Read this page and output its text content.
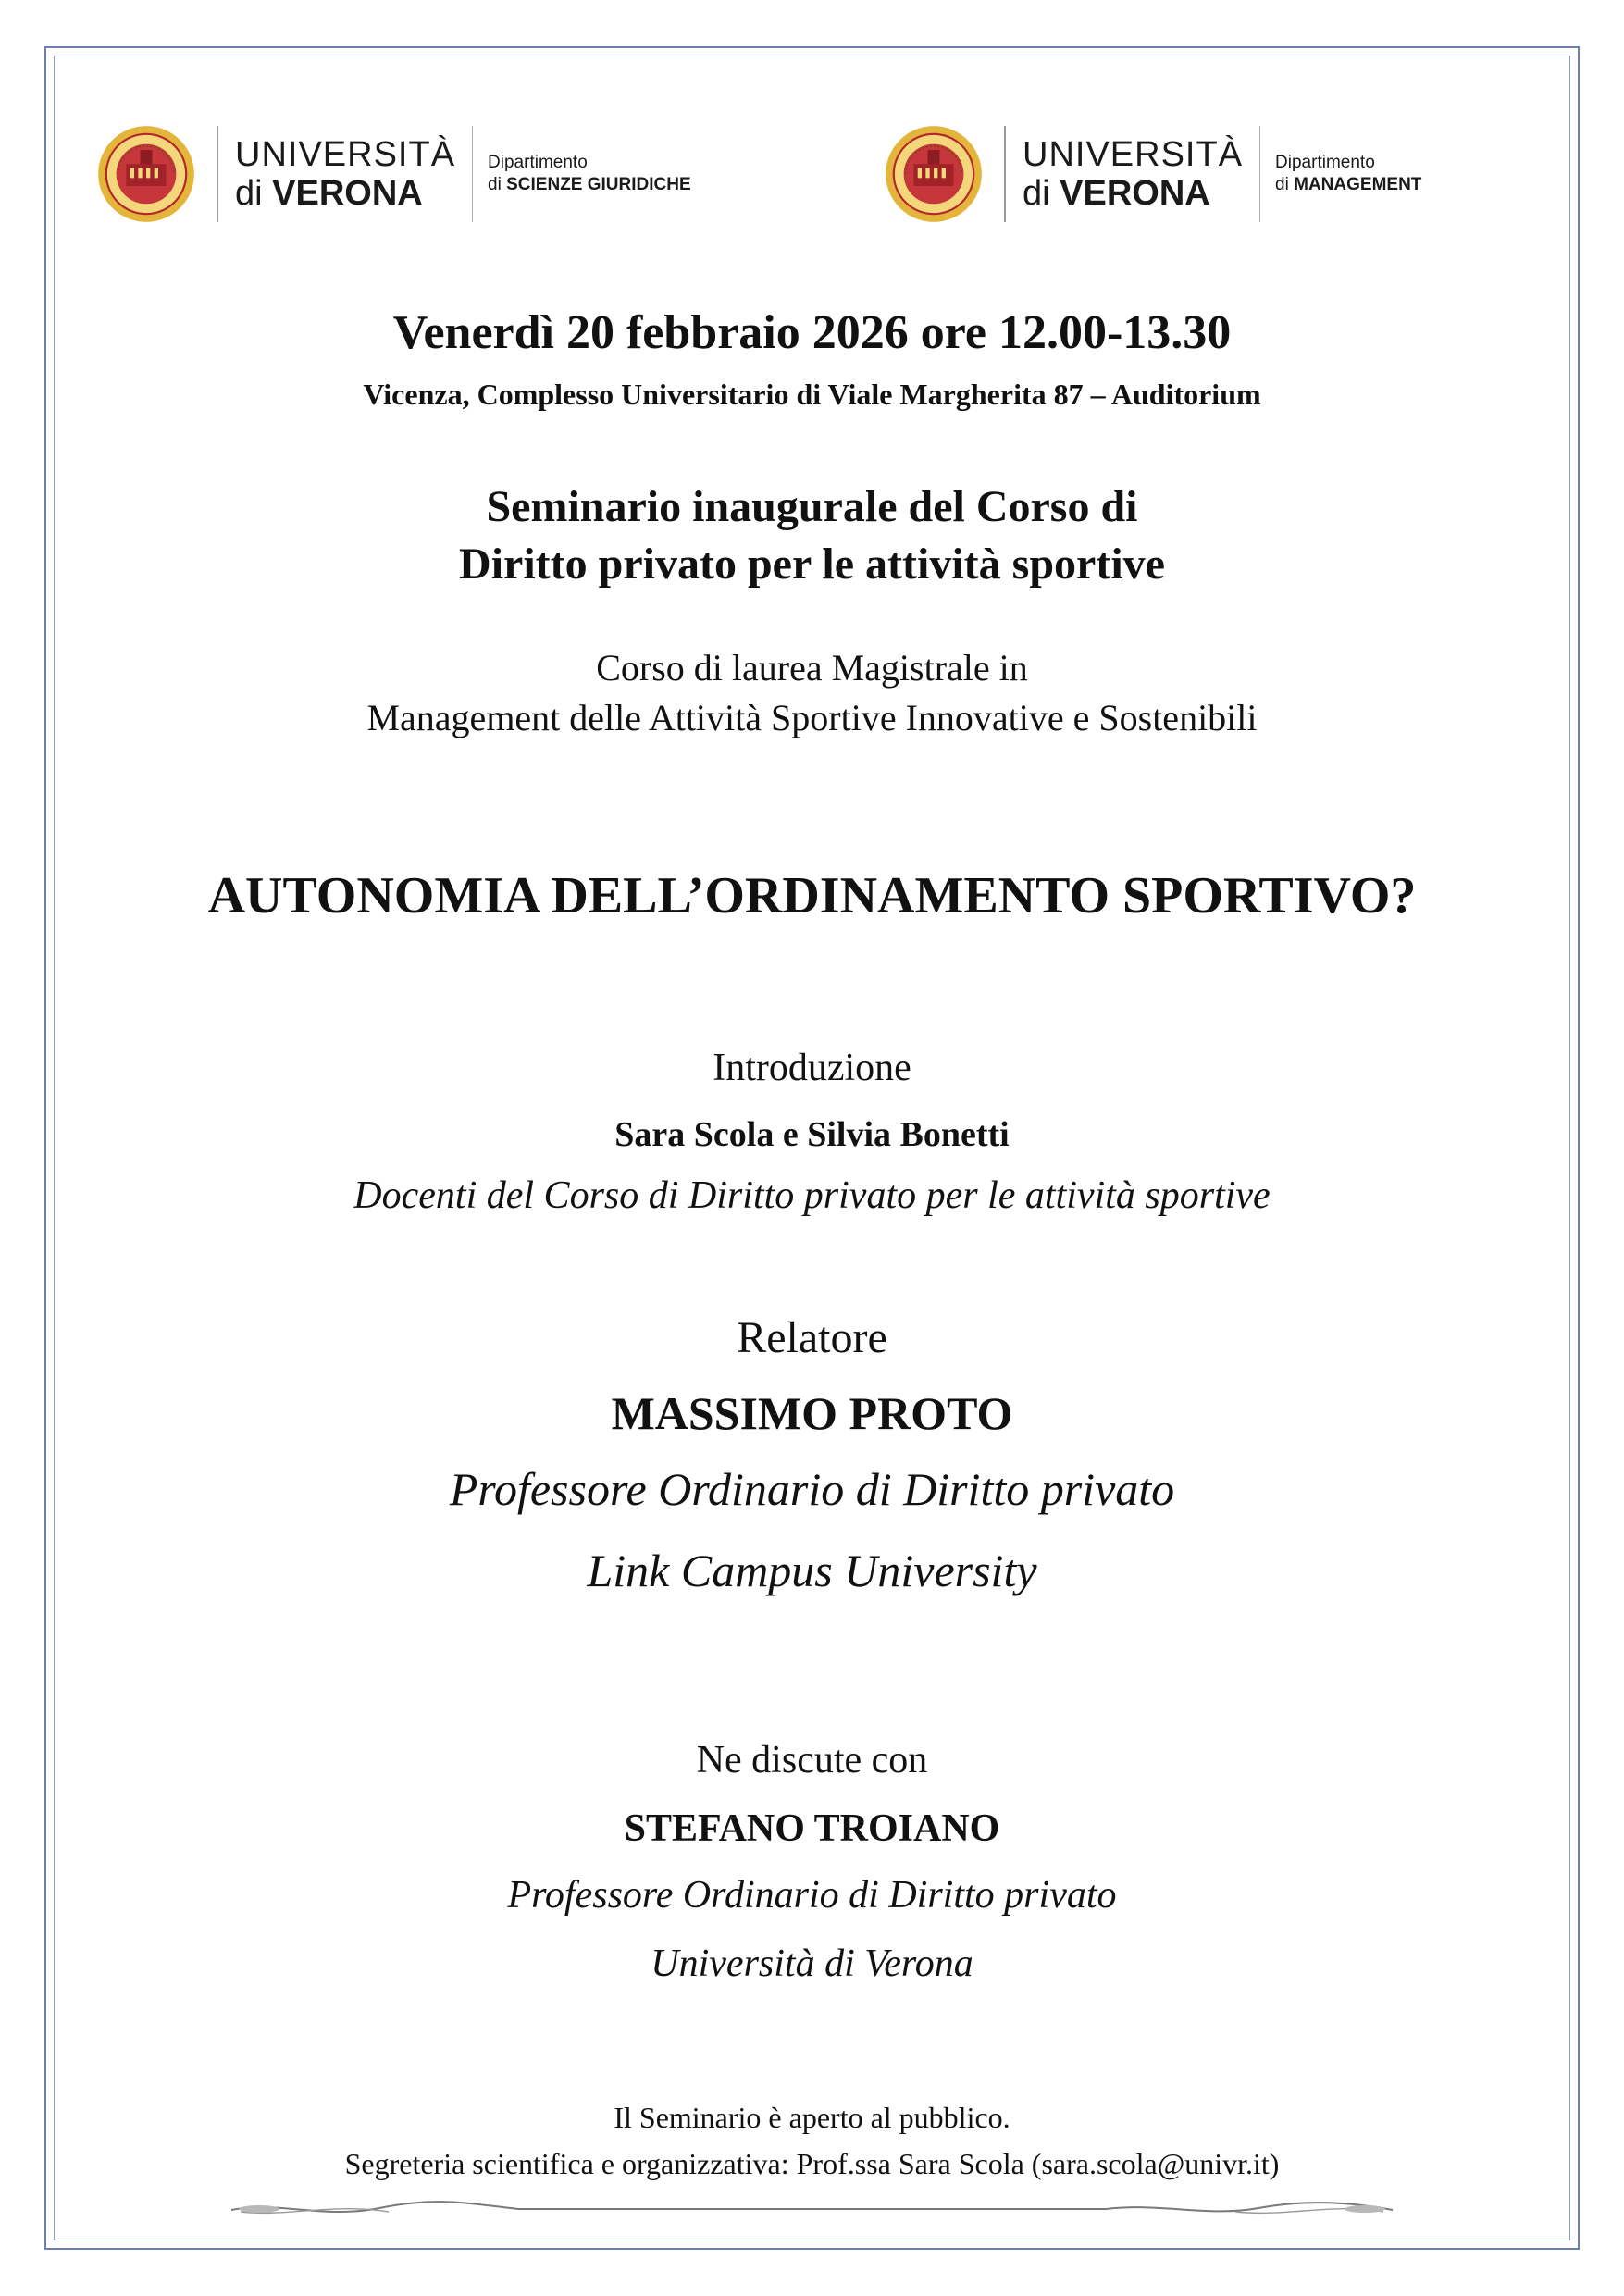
UNIVERSITÀ
di VERONA
Dipartimento
di SCIENZE GIURIDICHE
UNIVERSITÀ
di VERONA
Dipartimento
di MANAGEMENT
Venerdì 20 febbraio 2026 ore 12.00-13.30
Vicenza, Complesso Universitario di Viale Margherita 87 – Auditorium
Seminario inaugurale del Corso di
Diritto privato per le attività sportive
Corso di laurea Magistrale in
Management delle Attività Sportive Innovative e Sostenibili
AUTONOMIA DELL’ORDINAMENTO SPORTIVO?
Introduzione
Sara Scola e Silvia Bonetti
Docenti del Corso di Diritto privato per le attività sportive
Relatore
MASSIMO PROTO
Professore Ordinario di Diritto privato
Link Campus University
Ne discute con
STEFANO TROIANO
Professore Ordinario di Diritto privato
Università di Verona
Il Seminario è aperto al pubblico.
Segreteria scientifica e organizzativa: Prof.ssa Sara Scola (sara.scola@univr.it)
